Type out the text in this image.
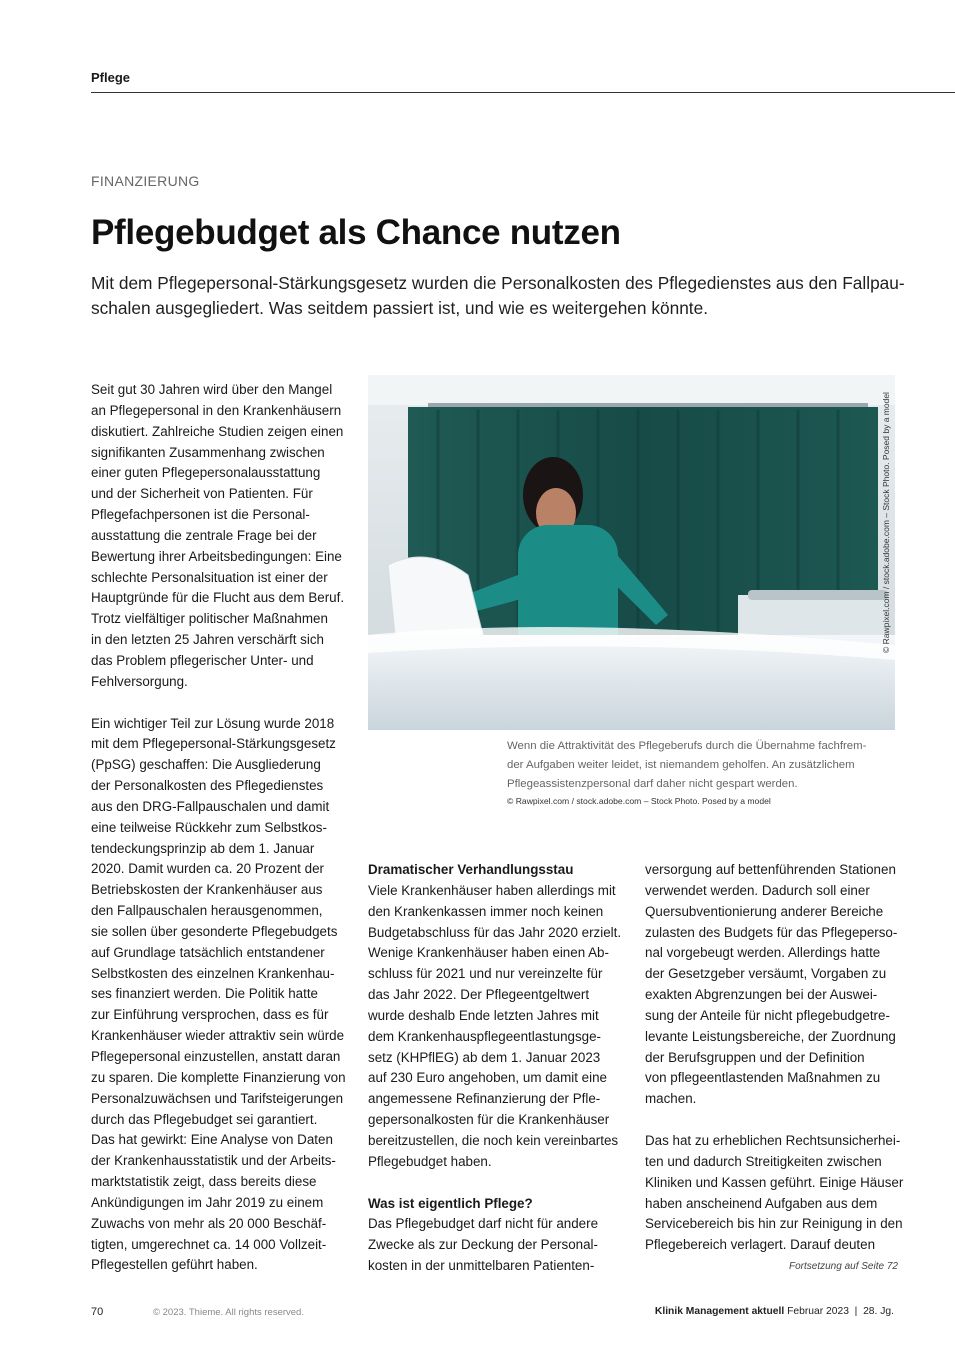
Pflege
FINANZIERUNG
Pflegebudget als Chance nutzen
Mit dem Pflegepersonal-Stärkungsgesetz wurden die Personalkosten des Pflegedienstes aus den Fallpau-
schalen ausgegliedert. Was seitdem passiert ist, und wie es weitergehen könnte.
Seit gut 30 Jahren wird über den Mangel
an Pflegepersonal in den Krankenhäusern
diskutiert. Zahlreiche Studien zeigen einen
signifikanten Zusammenhang zwischen
einer guten Pflegepersonalausstattung
und der Sicherheit von Patienten. Für
Pflegefachpersonen ist die Personal-
ausstattung die zentrale Frage bei der
Bewertung ihrer Arbeitsbedingungen: Eine
schlechte Personalsituation ist einer der
Hauptgründe für die Flucht aus dem Beruf.
Trotz vielfältiger politischer Maßnahmen
in den letzten 25 Jahren verschärft sich
das Problem pflegerischer Unter- und
Fehlversorgung.
Ein wichtiger Teil zur Lösung wurde 2018
mit dem Pflegepersonal-Stärkungsgesetz
(PpSG) geschaffen: Die Ausgliederung
der Personalkosten des Pflegedienstes
aus den DRG-Fallpauschalen und damit
eine teilweise Rückkehr zum Selbstkos-
tendeckungsprinzip ab dem 1. Januar
2020. Damit wurden ca. 20 Prozent der
Betriebskosten der Krankenhäuser aus
den Fallpauschalen herausgenommen,
sie sollen über gesonderte Pflegebudgets
auf Grundlage tatsächlich entstandener
Selbstkosten des einzelnen Krankenhau-
ses finanziert werden. Die Politik hatte
zur Einführung versprochen, dass es für
Krankenhäuser wieder attraktiv sein würde
Pflegepersonal einzustellen, anstatt daran
zu sparen. Die komplette Finanzierung von
Personalzuwächsen und Tarifsteigerungen
durch das Pflegebudget sei garantiert.
Das hat gewirkt: Eine Analyse von Daten
der Krankenhausstatistik und der Arbeits-
marktstatistik zeigt, dass bereits diese
Ankündigungen im Jahr 2019 zu einem
Zuwachs von mehr als 20 000 Beschäf-
tigten, umgerechnet ca. 14 000 Vollzeit-
Pflegestellen geführt haben.
© Rawpixel.com / stock.adobe.com – Stock Photo. Posed by a model
Wenn die Attraktivität des Pflegeberufs durch die Übernahme fachfrem-
der Aufgaben weiter leidet, ist niemandem geholfen. An zusätzlichem
Pflegeassistenzpersonal darf daher nicht gespart werden.
© Rawpixel.com / stock.adobe.com – Stock Photo. Posed by a model
Dramatischer Verhandlungsstau
Viele Krankenhäuser haben allerdings mit
den Krankenkassen immer noch keinen
Budgetabschluss für das Jahr 2020 erzielt.
Wenige Krankenhäuser haben einen Ab-
schluss für 2021 und nur vereinzelte für
das Jahr 2022. Der Pflegeentgeltwert
wurde deshalb Ende letzten Jahres mit
dem Krankenhauspflegeentlastungsge-
setz (KHPflEG) ab dem 1. Januar 2023
auf 230 Euro angehoben, um damit eine
angemessene Refinanzierung der Pfle-
gepersonalkosten für die Krankenhäuser
bereitzustellen, die noch kein vereinbartes
Pflegebudget haben.
Was ist eigentlich Pflege?
Das Pflegebudget darf nicht für andere
Zwecke als zur Deckung der Personal-
kosten in der unmittelbaren Patienten-
versorgung auf bettenführenden Stationen
verwendet werden. Dadurch soll einer
Quersubventionierung anderer Bereiche
zulasten des Budgets für das Pflegeperso-
nal vorgebeugt werden. Allerdings hatte
der Gesetzgeber versäumt, Vorgaben zu
exakten Abgrenzungen bei der Auswei-
sung der Anteile für nicht pflegebudgetre-
levante Leistungsbereiche, der Zuordnung
der Berufsgruppen und der Definition
von pflegeentlastenden Maßnahmen zu
machen.
Das hat zu erheblichen Rechtsunsicherhei-
ten und dadurch Streitigkeiten zwischen
Kliniken und Kassen geführt. Einige Häuser
haben anscheinend Aufgaben aus dem
Servicebereich bis hin zur Reinigung in den
Pflegebereich verlagert. Darauf deuten
Fortsetzung auf Seite 72
70	© 2023. Thieme. All rights reserved.	Klinik Management aktuell Februar 2023 | 28. Jg.
